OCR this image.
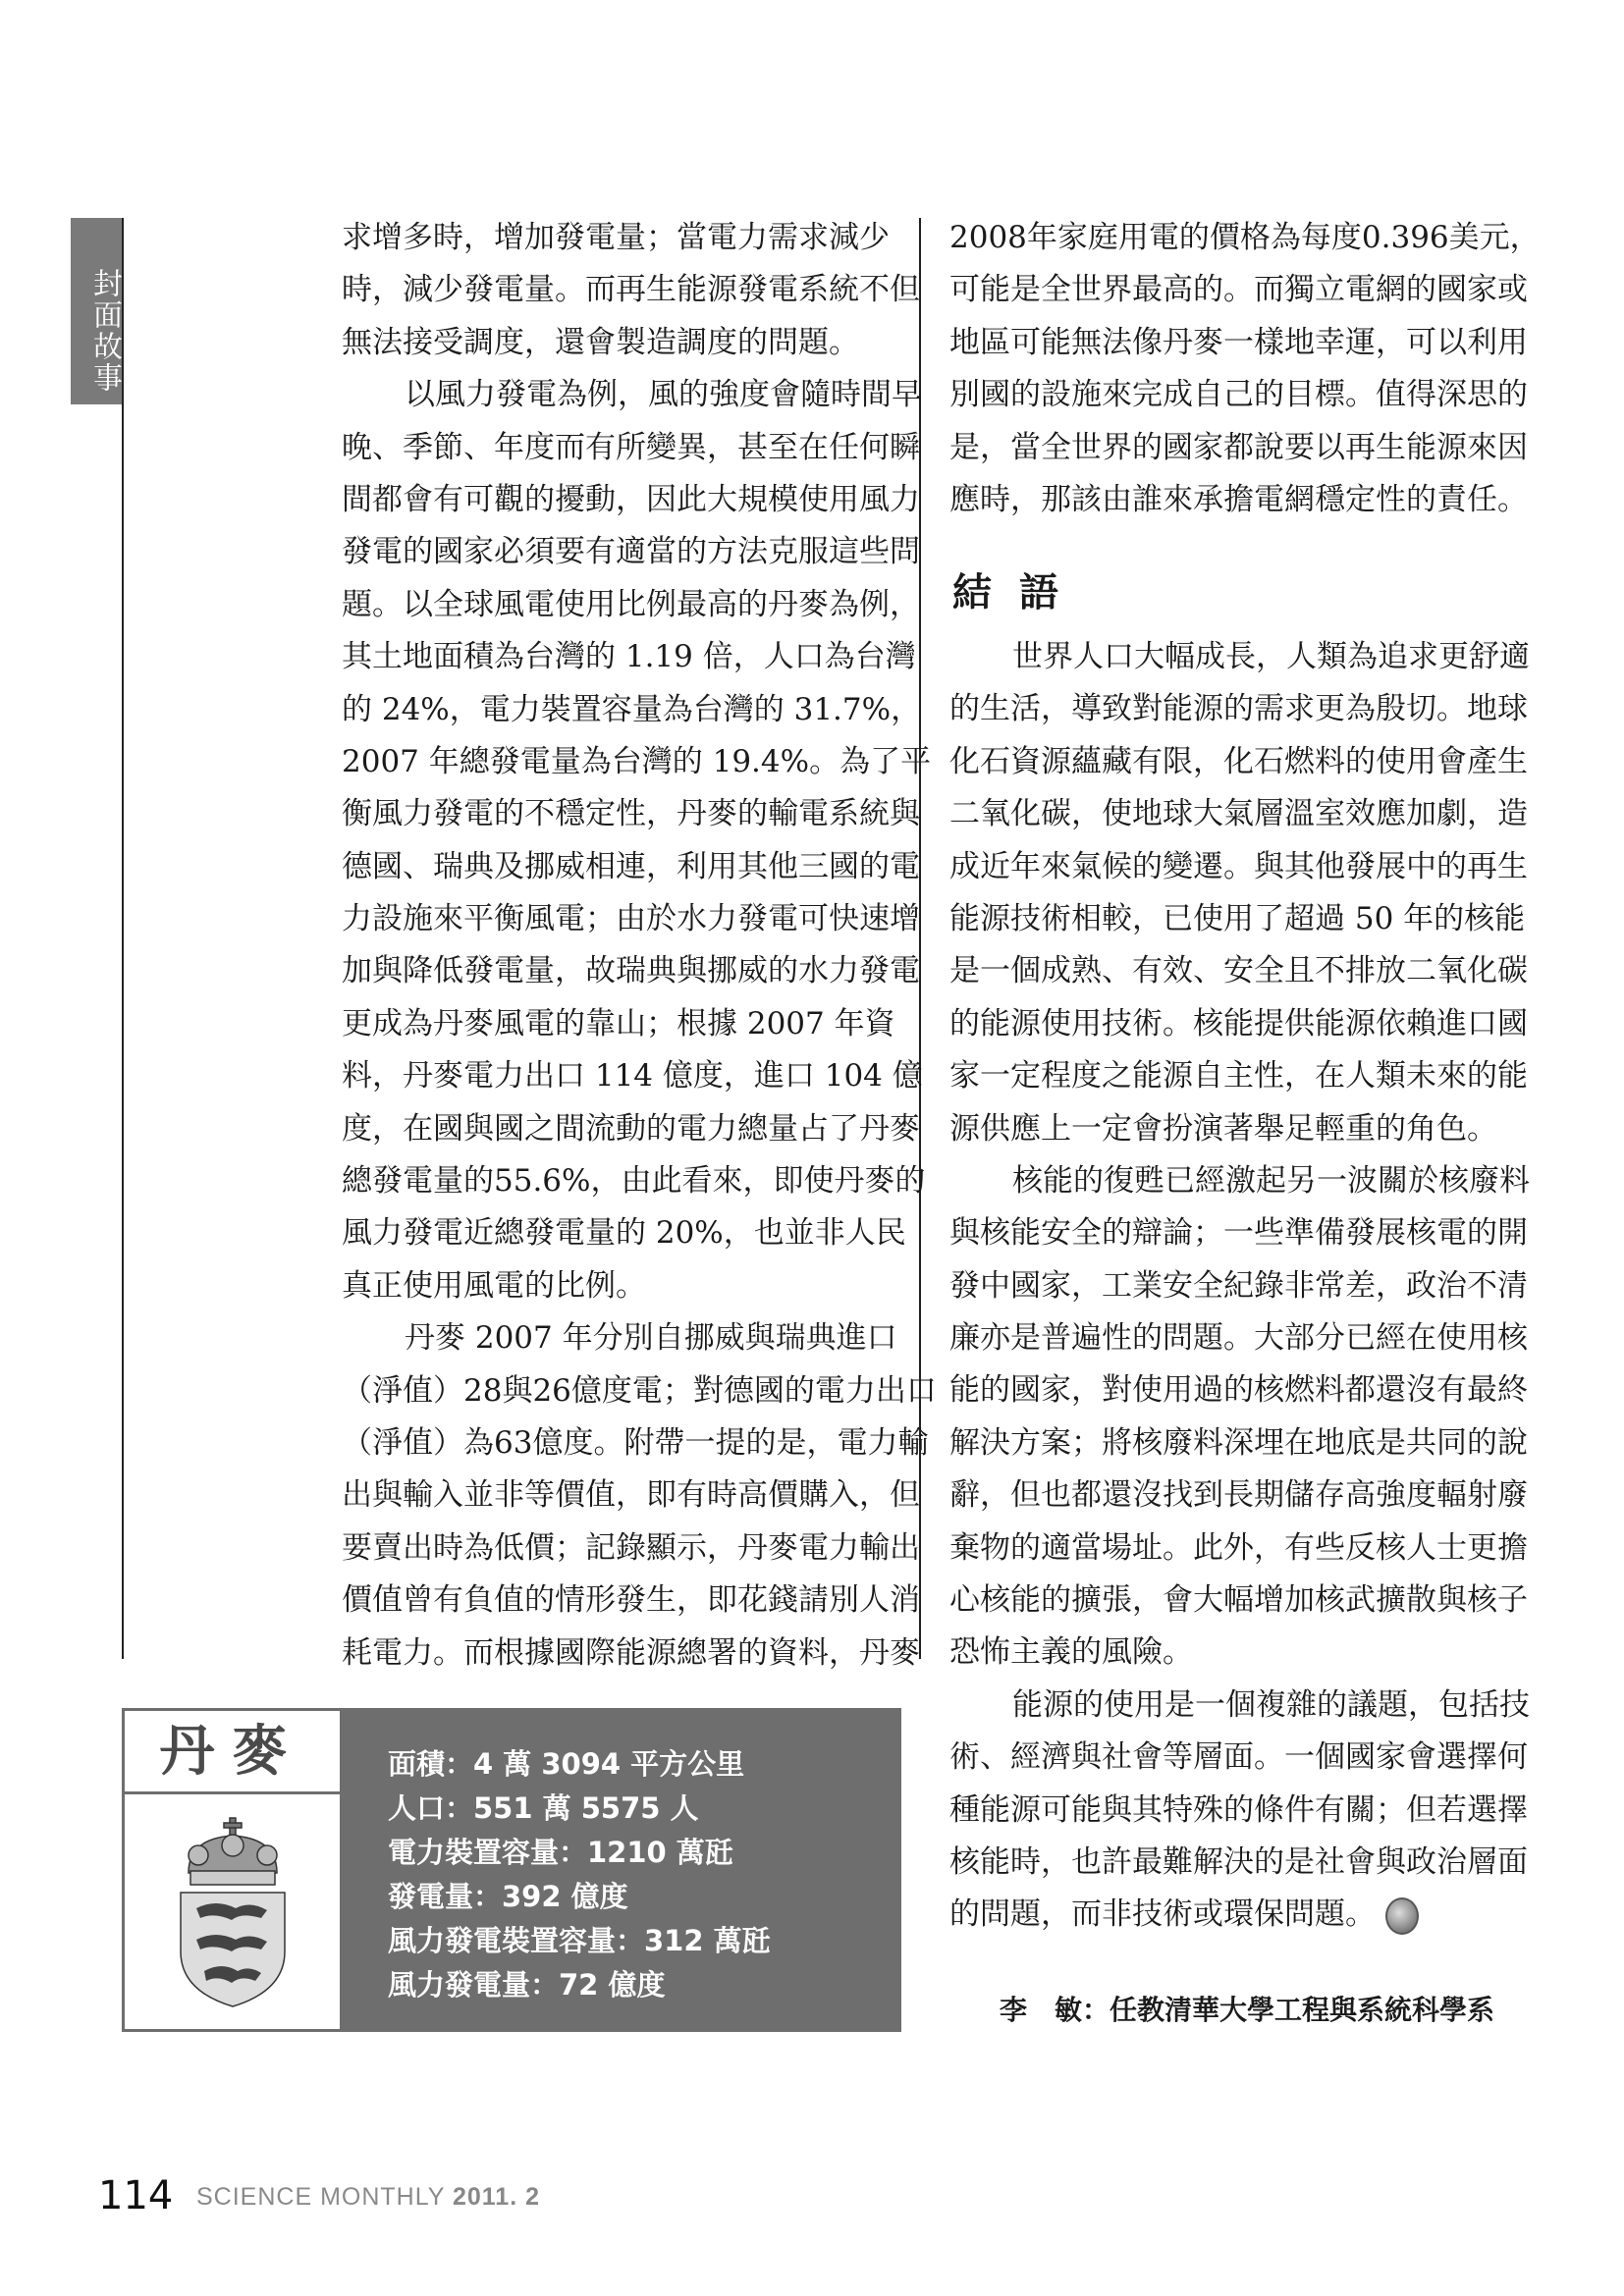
封面故事
求增多時，增加發電量；當電力需求減少
時，減少發電量。而再生能源發電系統不但
無法接受調度，還會製造調度的問題。
以風力發電為例，風的強度會隨時間早
晚、季節、年度而有所變異，甚至在任何瞬
間都會有可觀的擾動，因此大規模使用風力
發電的國家必須要有適當的方法克服這些問
題。以全球風電使用比例最高的丹麥為例，
其土地面積為台灣的 1.19 倍，人口為台灣
的 24%，電力裝置容量為台灣的 31.7%，
2007 年總發電量為台灣的 19.4%。為了平
衡風力發電的不穩定性，丹麥的輸電系統與
德國、瑞典及挪威相連，利用其他三國的電
力設施來平衡風電；由於水力發電可快速增
加與降低發電量，故瑞典與挪威的水力發電
更成為丹麥風電的靠山；根據 2007 年資
料，丹麥電力出口 114 億度，進口 104 億
度，在國與國之間流動的電力總量占了丹麥
總發電量的55.6%，由此看來，即使丹麥的
風力發電近總發電量的 20%，也並非人民
真正使用風電的比例。
丹麥 2007 年分別自挪威與瑞典進口
（淨值）28與26億度電；對德國的電力出口
（淨值）為63億度。附帶一提的是，電力輸
出與輸入並非等價值，即有時高價購入，但
要賣出時為低價；記錄顯示，丹麥電力輸出
價值曾有負值的情形發生，即花錢請別人消
耗電力。而根據國際能源總署的資料，丹麥
2008年家庭用電的價格為每度0.396美元，
可能是全世界最高的。而獨立電網的國家或
地區可能無法像丹麥一樣地幸運，可以利用
別國的設施來完成自己的目標。值得深思的
是，當全世界的國家都說要以再生能源來因
應時，那該由誰來承擔電網穩定性的責任。
結語
世界人口大幅成長，人類為追求更舒適
的生活，導致對能源的需求更為殷切。地球
化石資源蘊藏有限，化石燃料的使用會產生
二氧化碳，使地球大氣層溫室效應加劇，造
成近年來氣候的變遷。與其他發展中的再生
能源技術相較，已使用了超過 50 年的核能
是一個成熟、有效、安全且不排放二氧化碳
的能源使用技術。核能提供能源依賴進口國
家一定程度之能源自主性，在人類未來的能
源供應上一定會扮演著舉足輕重的角色。
核能的復甦已經激起另一波關於核廢料
與核能安全的辯論；一些準備發展核電的開
發中國家，工業安全紀錄非常差，政治不清
廉亦是普遍性的問題。大部分已經在使用核
能的國家，對使用過的核燃料都還沒有最終
解決方案；將核廢料深埋在地底是共同的說
辭，但也都還沒找到長期儲存高強度輻射廢
棄物的適當場址。此外，有些反核人士更擔
心核能的擴張，會大幅增加核武擴散與核子
恐怖主義的風險。
能源的使用是一個複雜的議題，包括技
術、經濟與社會等層面。一個國家會選擇何
種能源可能與其特殊的條件有關；但若選擇
核能時，也許最難解決的是社會與政治層面
的問題，而非技術或環保問題。
李　敏：任教清華大學工程與系統科學系
丹麥	面積：4 萬 3094 平方公里
人口：551 萬 5575 人
電力裝置容量：1210 萬瓩
發電量：392 億度
風力發電裝置容量：312 萬瓩
風力發電量：72 億度
114 SCIENCE MONTHLY 2011. 2
